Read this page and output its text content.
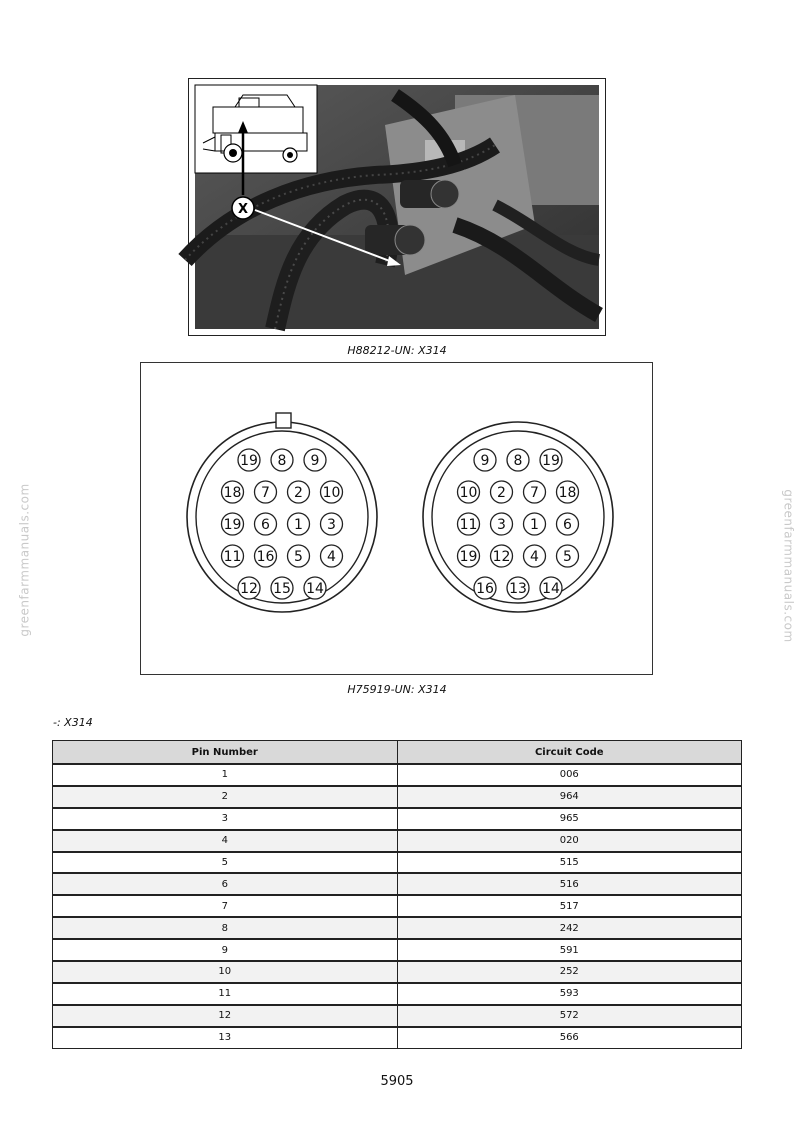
greenfarmmanuals.com	greenfarmmanuals.com
X
H88212-UN: X314
19 8 9
18 7 2 10
19 6 1 3
11 16 5 4
12 15 14
9 8 19
10 2 7 18
11 3 1 6
19 12 4 5
16 13 14
H75919-UN: X314
-: X314
Pin Number	Circuit Code
1	006
2	964
3	965
4	020
5	515
6	516
7	517
8	242
9	591
10	252
11	593
12	572
13	566
5905
